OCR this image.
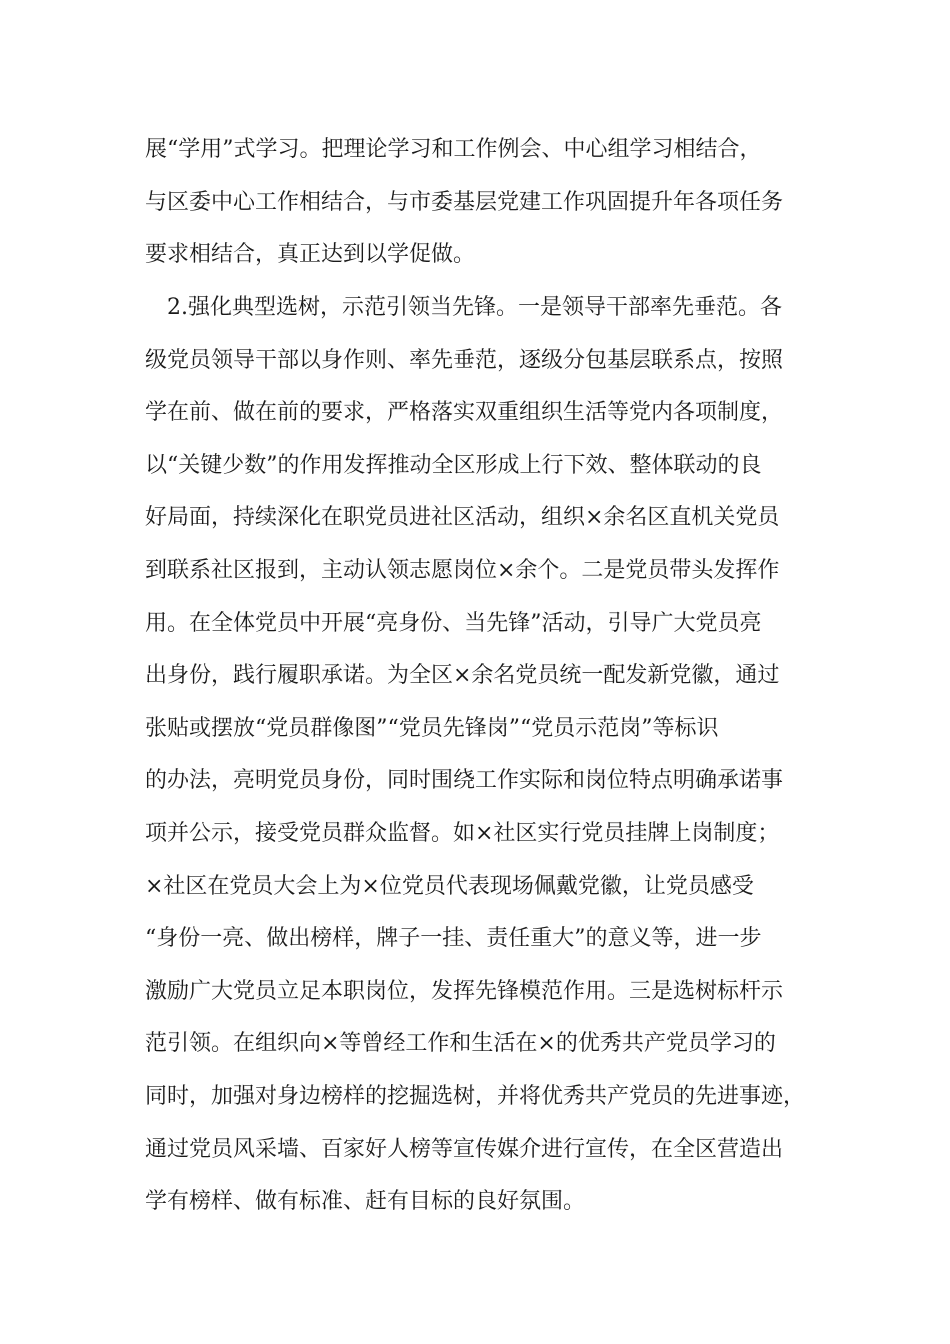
展“学用”式学习。把理论学习和工作例会、中心组学习相结合，
与区委中心工作相结合，与市委基层党建工作巩固提升年各项任务
要求相结合，真正达到以学促做。
2.强化典型选树，示范引领当先锋。一是领导干部率先垂范。各
级党员领导干部以身作则、率先垂范，逐级分包基层联系点，按照
学在前、做在前的要求，严格落实双重组织生活等党内各项制度，
以“关键少数”的作用发挥推动全区形成上行下效、整体联动的良
好局面，持续深化在职党员进社区活动，组织×余名区直机关党员
到联系社区报到，主动认领志愿岗位×余个。二是党员带头发挥作
用。在全体党员中开展“亮身份、当先锋”活动，引导广大党员亮
出身份，践行履职承诺。为全区×余名党员统一配发新党徽，通过
张贴或摆放“党员群像图”“党员先锋岗”“党员示范岗”等标识
的办法，亮明党员身份，同时围绕工作实际和岗位特点明确承诺事
项并公示，接受党员群众监督。如×社区实行党员挂牌上岗制度；
×社区在党员大会上为×位党员代表现场佩戴党徽，让党员感受
“身份一亮、做出榜样，牌子一挂、责任重大”的意义等，进一步
激励广大党员立足本职岗位，发挥先锋模范作用。三是选树标杆示
范引领。在组织向×等曾经工作和生活在×的优秀共产党员学习的
同时，加强对身边榜样的挖掘选树，并将优秀共产党员的先进事迹，
通过党员风采墙、百家好人榜等宣传媒介进行宣传，在全区营造出
学有榜样、做有标准、赶有目标的良好氛围。
